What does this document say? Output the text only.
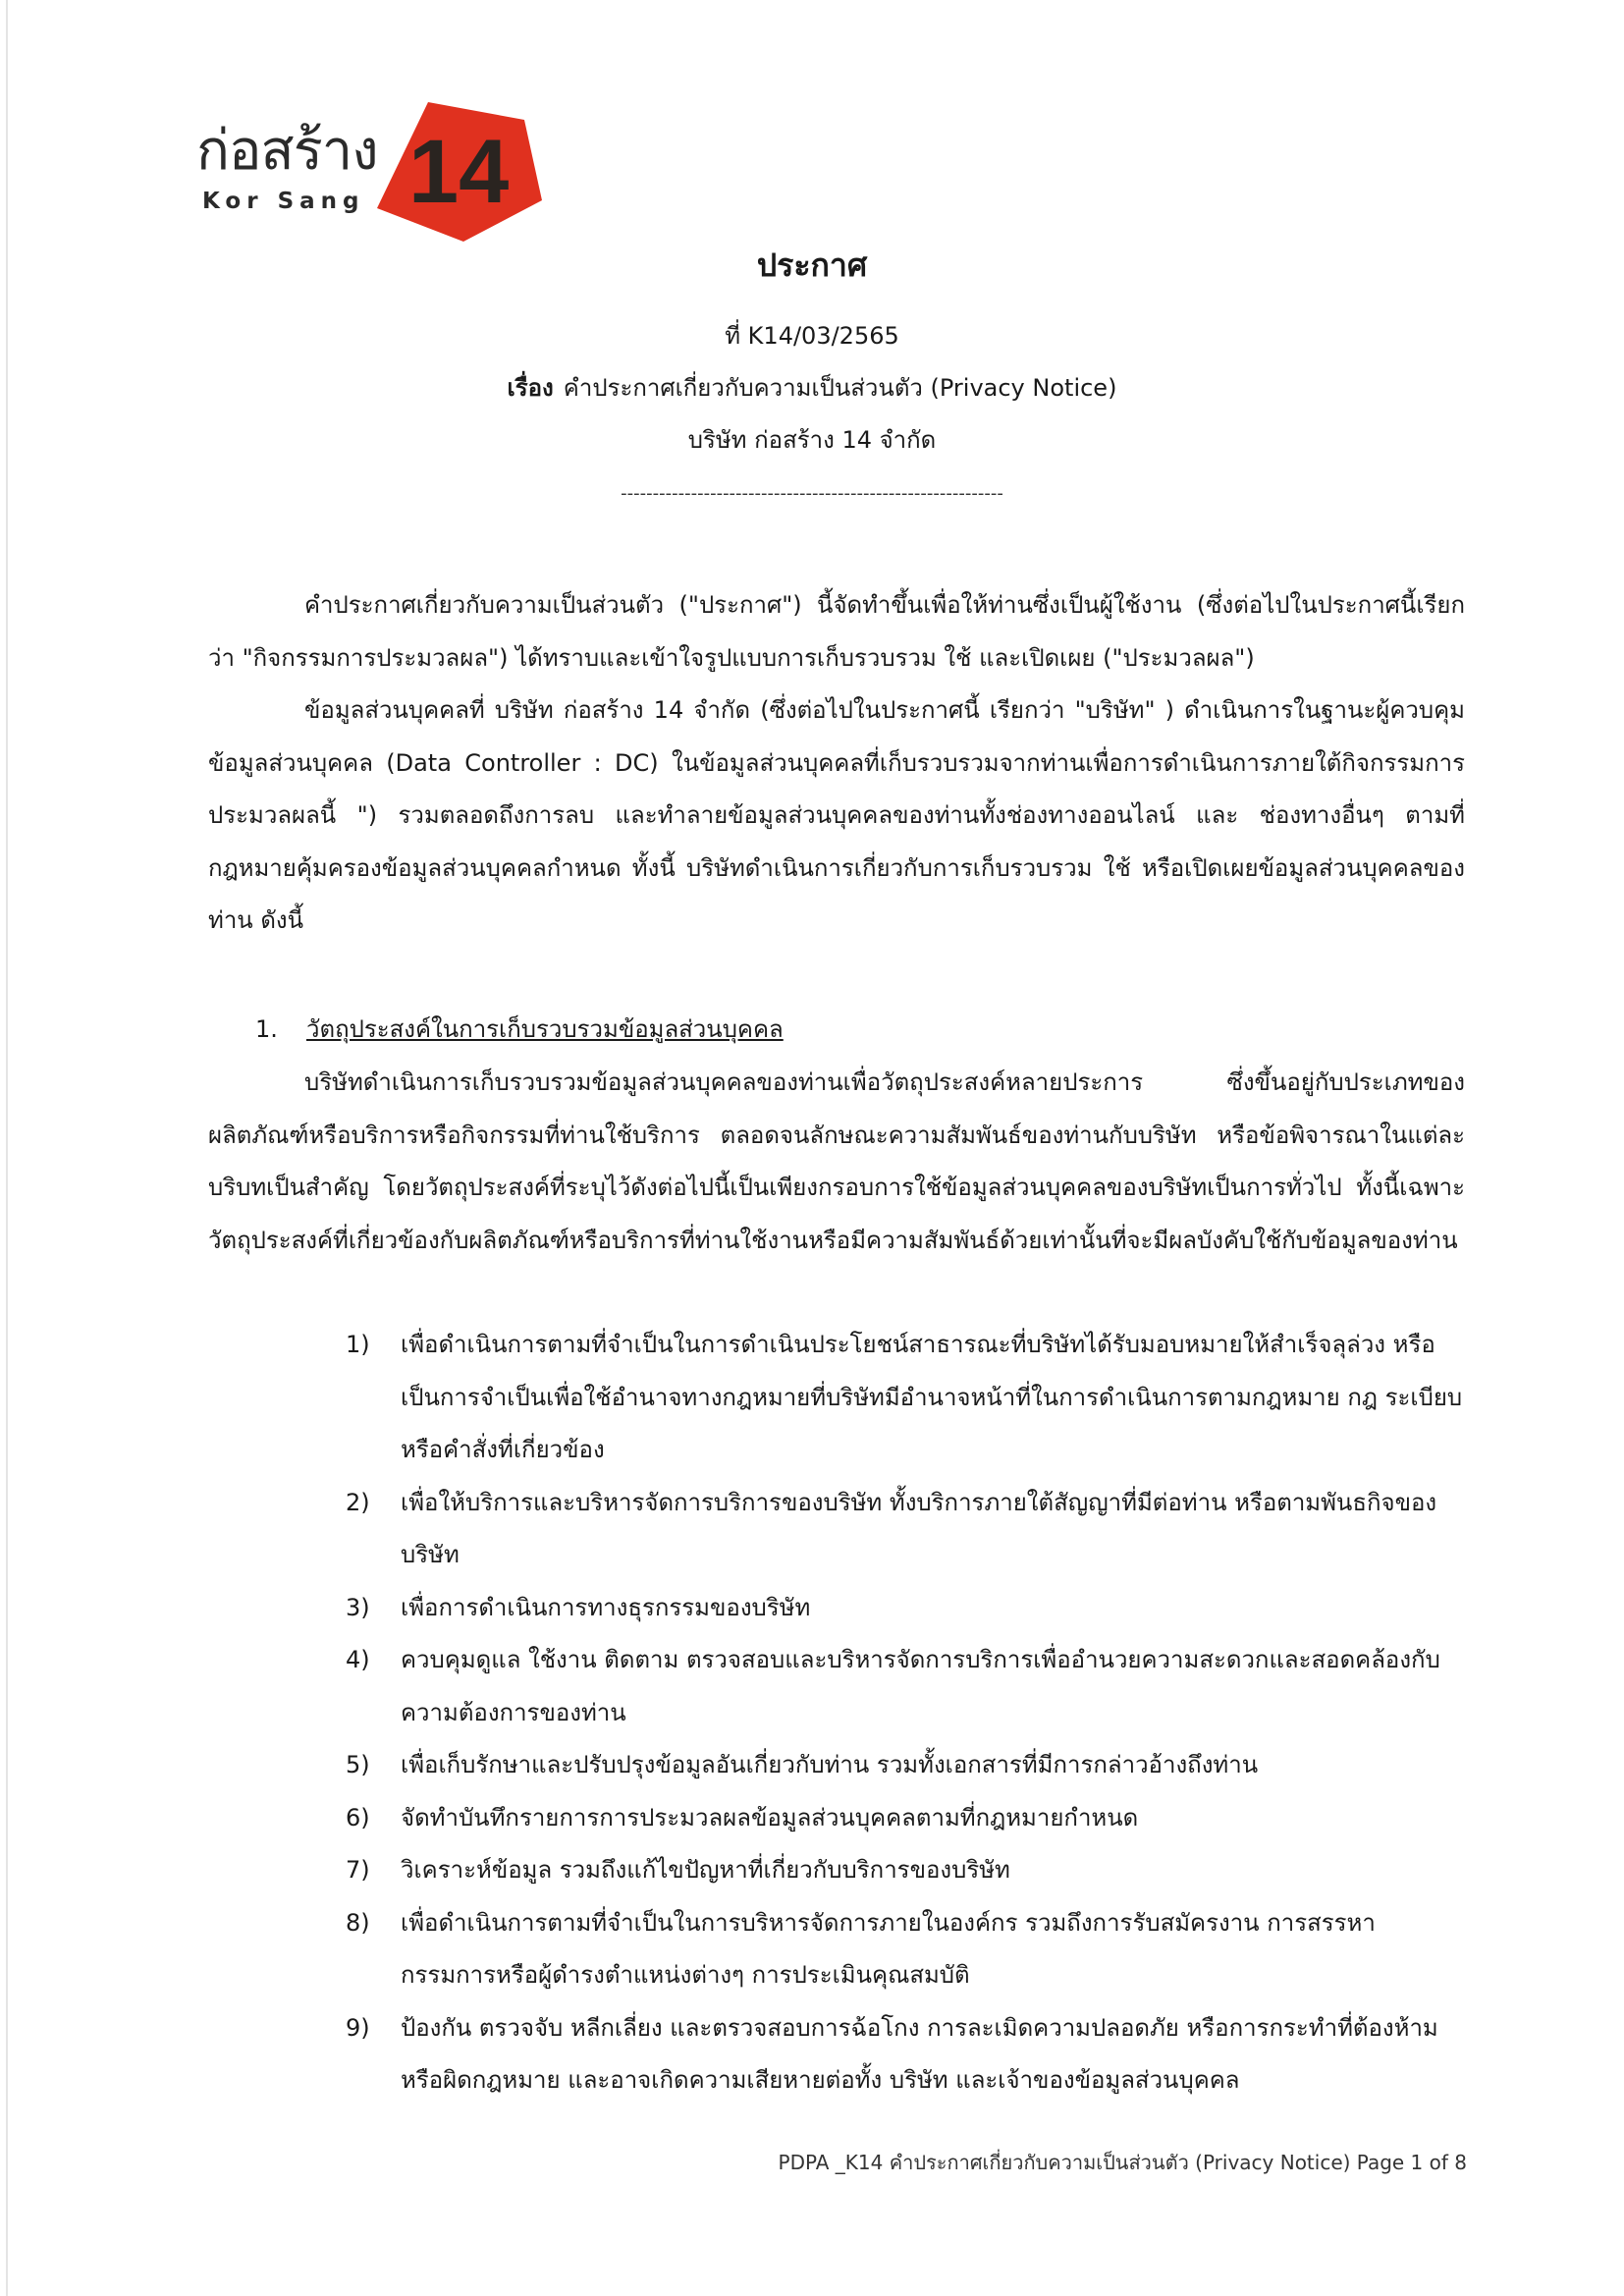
ก่อสร้าง
Kor Sang 14
ประกาศ
ที่ K14/03/2565
เรื่อง คำประกาศเกี่ยวกับความเป็นส่วนตัว (Privacy Notice)
บริษัท ก่อสร้าง 14 จำกัด
------------------------------------------------------------
คำประกาศเกี่ยวกับความเป็นส่วนตัว ("ประกาศ") นี้จัดทำขึ้นเพื่อให้ท่านซึ่งเป็นผู้ใช้งาน (ซึ่งต่อไปในประกาศนี้เรียกว่า "กิจกรรมการประมวลผล") ได้ทราบและเข้าใจรูปแบบการเก็บรวบรวม ใช้ และเปิดเผย ("ประมวลผล")
ข้อมูลส่วนบุคคลที่ บริษัท ก่อสร้าง 14 จำกัด (ซึ่งต่อไปในประกาศนี้ เรียกว่า "บริษัท" ) ดำเนินการในฐานะผู้ควบคุมข้อมูลส่วนบุคคล (Data Controller : DC) ในข้อมูลส่วนบุคคลที่เก็บรวบรวมจากท่านเพื่อการดำเนินการภายใต้กิจกรรมการประมวลผลนี้ ") รวมตลอดถึงการลบ และทำลายข้อมูลส่วนบุคคลของท่านทั้งช่องทางออนไลน์ และ ช่องทางอื่นๆ ตามที่กฎหมายคุ้มครองข้อมูลส่วนบุคคลกำหนด ทั้งนี้ บริษัทดำเนินการเกี่ยวกับการเก็บรวบรวม ใช้ หรือเปิดเผยข้อมูลส่วนบุคคลของท่าน ดังนี้
1. วัตถุประสงค์ในการเก็บรวบรวมข้อมูลส่วนบุคคล
บริษัทดำเนินการเก็บรวบรวมข้อมูลส่วนบุคคลของท่านเพื่อวัตถุประสงค์หลายประการ ซึ่งขึ้นอยู่กับประเภทของผลิตภัณฑ์หรือบริการหรือกิจกรรมที่ท่านใช้บริการ ตลอดจนลักษณะความสัมพันธ์ของท่านกับบริษัท หรือข้อพิจารณาในแต่ละบริบทเป็นสำคัญ โดยวัตถุประสงค์ที่ระบุไว้ดังต่อไปนี้เป็นเพียงกรอบการใช้ข้อมูลส่วนบุคคลของบริษัทเป็นการทั่วไป ทั้งนี้เฉพาะวัตถุประสงค์ที่เกี่ยวข้องกับผลิตภัณฑ์หรือบริการที่ท่านใช้งานหรือมีความสัมพันธ์ด้วยเท่านั้นที่จะมีผลบังคับใช้กับข้อมูลของท่าน
1) เพื่อดำเนินการตามที่จำเป็นในการดำเนินประโยชน์สาธารณะที่บริษัทได้รับมอบหมายให้สำเร็จลุล่วง หรือเป็นการจำเป็นเพื่อใช้อำนาจทางกฎหมายที่บริษัทมีอำนาจหน้าที่ในการดำเนินการตามกฎหมาย กฎ ระเบียบหรือคำสั่งที่เกี่ยวข้อง
2) เพื่อให้บริการและบริหารจัดการบริการของบริษัท ทั้งบริการภายใต้สัญญาที่มีต่อท่าน หรือตามพันธกิจของบริษัท
3) เพื่อการดำเนินการทางธุรกรรมของบริษัท
4) ควบคุมดูแล ใช้งาน ติดตาม ตรวจสอบและบริหารจัดการบริการเพื่ออำนวยความสะดวกและสอดคล้องกับความต้องการของท่าน
5) เพื่อเก็บรักษาและปรับปรุงข้อมูลอันเกี่ยวกับท่าน รวมทั้งเอกสารที่มีการกล่าวอ้างถึงท่าน
6) จัดทำบันทึกรายการการประมวลผลข้อมูลส่วนบุคคลตามที่กฎหมายกำหนด
7) วิเคราะห์ข้อมูล รวมถึงแก้ไขปัญหาที่เกี่ยวกับบริการของบริษัท
8) เพื่อดำเนินการตามที่จำเป็นในการบริหารจัดการภายในองค์กร รวมถึงการรับสมัครงาน การสรรหากรรมการหรือผู้ดำรงตำแหน่งต่างๆ การประเมินคุณสมบัติ
9) ป้องกัน ตรวจจับ หลีกเลี่ยง และตรวจสอบการฉ้อโกง การละเมิดความปลอดภัย หรือการกระทำที่ต้องห้าม หรือผิดกฎหมาย และอาจเกิดความเสียหายต่อทั้ง บริษัท และเจ้าของข้อมูลส่วนบุคคล
PDPA _K14 คำประกาศเกี่ยวกับความเป็นส่วนตัว (Privacy Notice) Page 1 of 8
